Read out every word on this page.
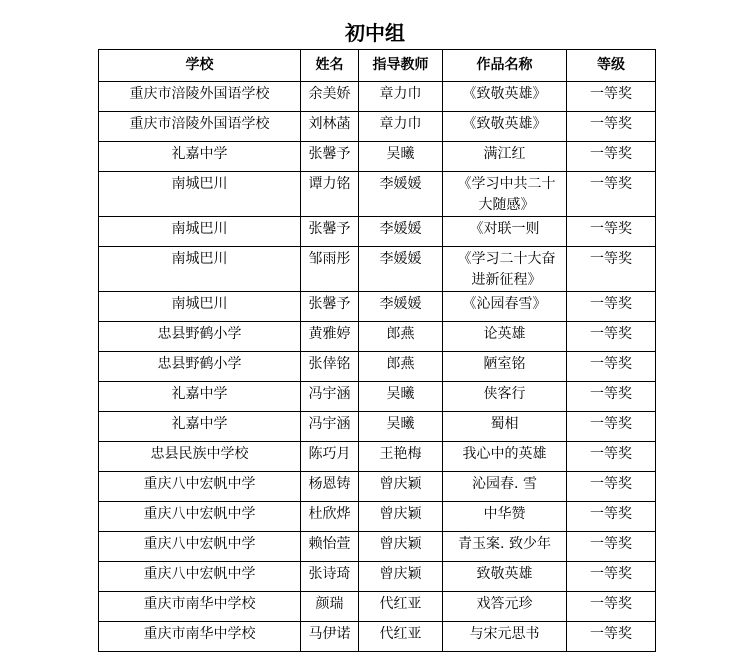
初中组
学校	姓名	指导教师	作品名称	等级
重庆市涪陵外国语学校	余美娇	章力巾	《致敬英雄》	一等奖
重庆市涪陵外国语学校	刘林菡	章力巾	《致敬英雄》	一等奖
礼嘉中学	张馨予	吴曦	满江红	一等奖
南城巴川	谭力铭	李媛媛	《学习中共二十大随感》	一等奖
南城巴川	张馨予	李媛媛	《对联一则	一等奖
南城巴川	邹雨彤	李媛媛	《学习二十大奋进新征程》	一等奖
南城巴川	张馨予	李媛媛	《沁园春雪》	一等奖
忠县野鹤小学	黄雅婷	郎燕	论英雄	一等奖
忠县野鹤小学	张倖铭	郎燕	陋室铭	一等奖
礼嘉中学	冯宇涵	吴曦	侠客行	一等奖
礼嘉中学	冯宇涵	吴曦	蜀相	一等奖
忠县民族中学校	陈巧月	王艳梅	我心中的英雄	一等奖
重庆八中宏帆中学	杨恩铸	曾庆颖	沁园春. 雪	一等奖
重庆八中宏帆中学	杜欣烨	曾庆颖	中华赞	一等奖
重庆八中宏帆中学	赖怡萱	曾庆颖	青玉案. 致少年	一等奖
重庆八中宏帆中学	张诗琦	曾庆颖	致敬英雄	一等奖
重庆市南华中学校	颜瑞	代红亚	戏答元珍	一等奖
重庆市南华中学校	马伊诺	代红亚	与宋元思书	一等奖
